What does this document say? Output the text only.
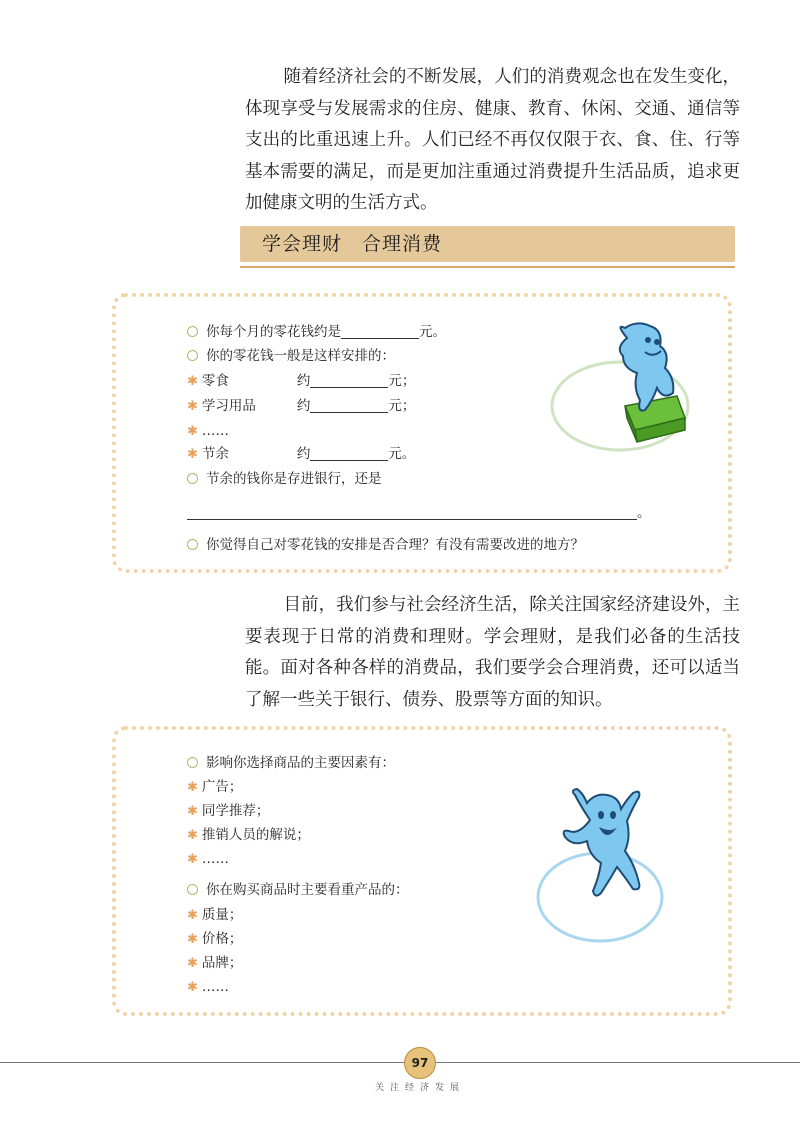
随着经济社会的不断发展，人们的消费观念也在发生变化，体现享受与发展需求的住房、健康、教育、休闲、交通、通信等支出的比重迅速上升。人们已经不再仅仅限于衣、食、住、行等基本需要的满足，而是更加注重通过消费提升生活品质，追求更加健康文明的生活方式。

学会理财　合理消费
你每个月的零花钱约是	元。
你的零花钱一般是这样安排的：
✱ 零食	约	元；
✱ 学习用品	约	元；
✱ ……
✱ 节余	约	元。
节余的钱你是存进银行，还是
。
你觉得自己对零花钱的安排是否合理？有没有需要改进的地方？

目前，我们参与社会经济生活，除关注国家经济建设外，主要表现于日常的消费和理财。学会理财，是我们必备的生活技能。面对各种各样的消费品，我们要学会合理消费，还可以适当了解一些关于银行、债券、股票等方面的知识。

影响你选择商品的主要因素有：
✱ 广告；
✱ 同学推荐；
✱ 推销人员的解说；
✱ ……
你在购买商品时主要看重产品的：
✱ 质量；
✱ 价格；
✱ 品牌；
✱ ……
97
关注经济发展
